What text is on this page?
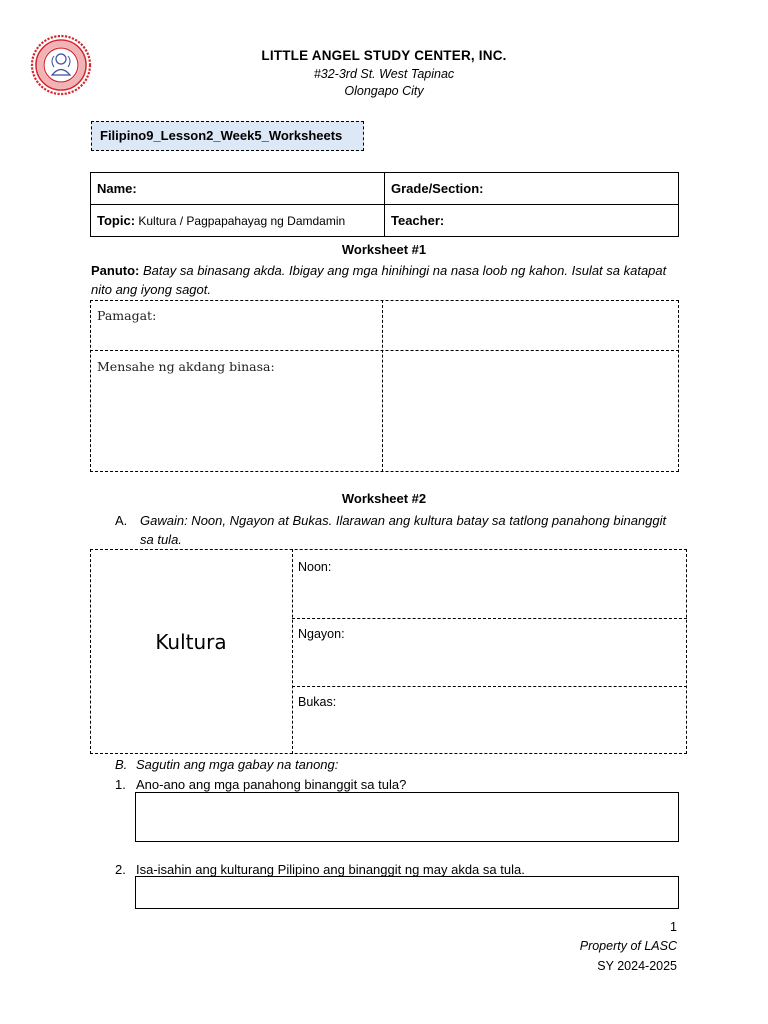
LITTLE ANGEL STUDY CENTER, INC.
#32-3rd St. West Tapinac
Olongapo City
Filipino9_Lesson2_Week5_Worksheets
Name:	Grade/Section:
Topic: Kultura / Pagpapahayag ng Damdamin	Teacher:
Worksheet #1
Panuto: Batay sa binasang akda. Ibigay ang mga hinihingi na nasa loob ng kahon. Isulat sa katapat nito ang iyong sagot.
Pamagat:
Mensahe ng akdang binasa:
Worksheet #2
A. Gawain: Noon, Ngayon at Bukas. Ilarawan ang kultura batay sa tatlong panahong binanggit sa tula.
Kultura
Noon:
Ngayon:
Bukas:
B. Sagutin ang mga gabay na tanong:
1. Ano-ano ang mga panahong binanggit sa tula?
2. Isa-isahin ang kulturang Pilipino ang binanggit ng may akda sa tula.
1
Property of LASC
SY 2024-2025
